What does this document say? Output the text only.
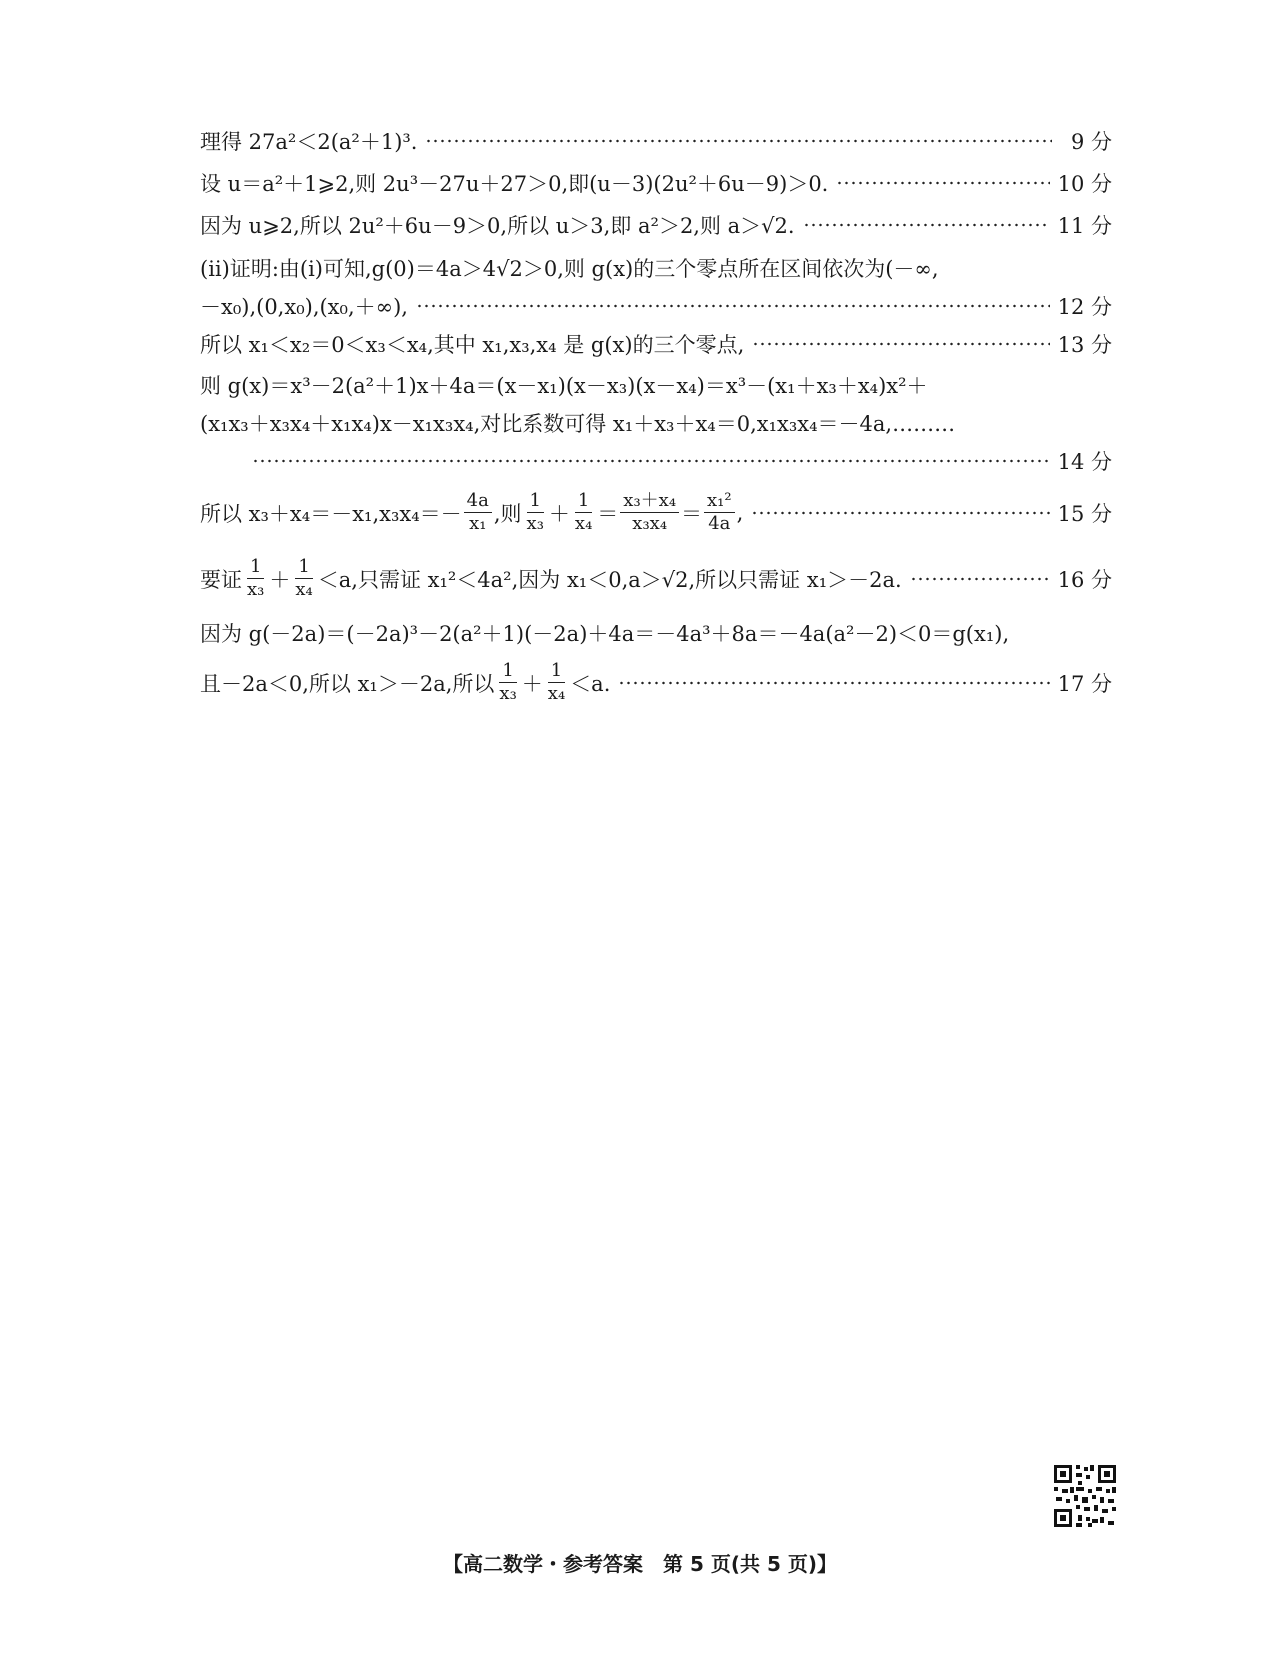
理得 27a²＜2(a²＋1)³.	9 分
设 u＝a²＋1⩾2,则 2u³－27u＋27＞0,即(u－3)(2u²＋6u－9)＞0.	10 分
因为 u⩾2,所以 2u²＋6u－9＞0,所以 u＞3,即 a²＞2,则 a＞√2.	11 分
(ⅱ)证明:由(ⅰ)可知,g(0)＝4a＞4√2＞0,则 g(x)的三个零点所在区间依次为(－∞,
－x₀),(0,x₀),(x₀,＋∞),	12 分
所以 x₁＜x₂＝0＜x₃＜x₄,其中 x₁,x₃,x₄ 是 g(x)的三个零点,	13 分
则 g(x)＝x³－2(a²＋1)x＋4a＝(x－x₁)(x－x₃)(x－x₄)＝x³－(x₁＋x₃＋x₄)x²＋
(x₁x₃＋x₃x₄＋x₁x₄)x－x₁x₃x₄,对比系数可得 x₁＋x₃＋x₄＝0,x₁x₃x₄＝－4a,………
14 分
所以 $x_3+x_4=-x_1,x_3x_4=- \frac{4a}{\text{x₁}}$ ,则 $\frac{1}{\text{x₃}} + \frac{1}{\text{x₄}} = \frac{\text{x₃＋x₄}}{\text{x₃x₄}} = \frac{\text{x₁²}}{4a}$ ,	15 分
要证 $\frac{1}{\text{x₃}} + \frac{1}{\text{x₄}} <a$,只需证 x₁²＜4a²,因为 x₁＜0,a＞√2,所以只需证 x₁＞－2a.	16 分
因为 g(－2a)＝(－2a)³－2(a²＋1)(－2a)＋4a＝－4a³＋8a＝－4a(a²－2)＜0＝g(x₁),
且－2a＜0,所以 x₁＞－2a,所以 $\frac{1}{\text{x₃}} + \frac{1}{\text{x₄}} <a$.	17 分
【高二数学・参考答案　第 5 页(共 5 页)】
